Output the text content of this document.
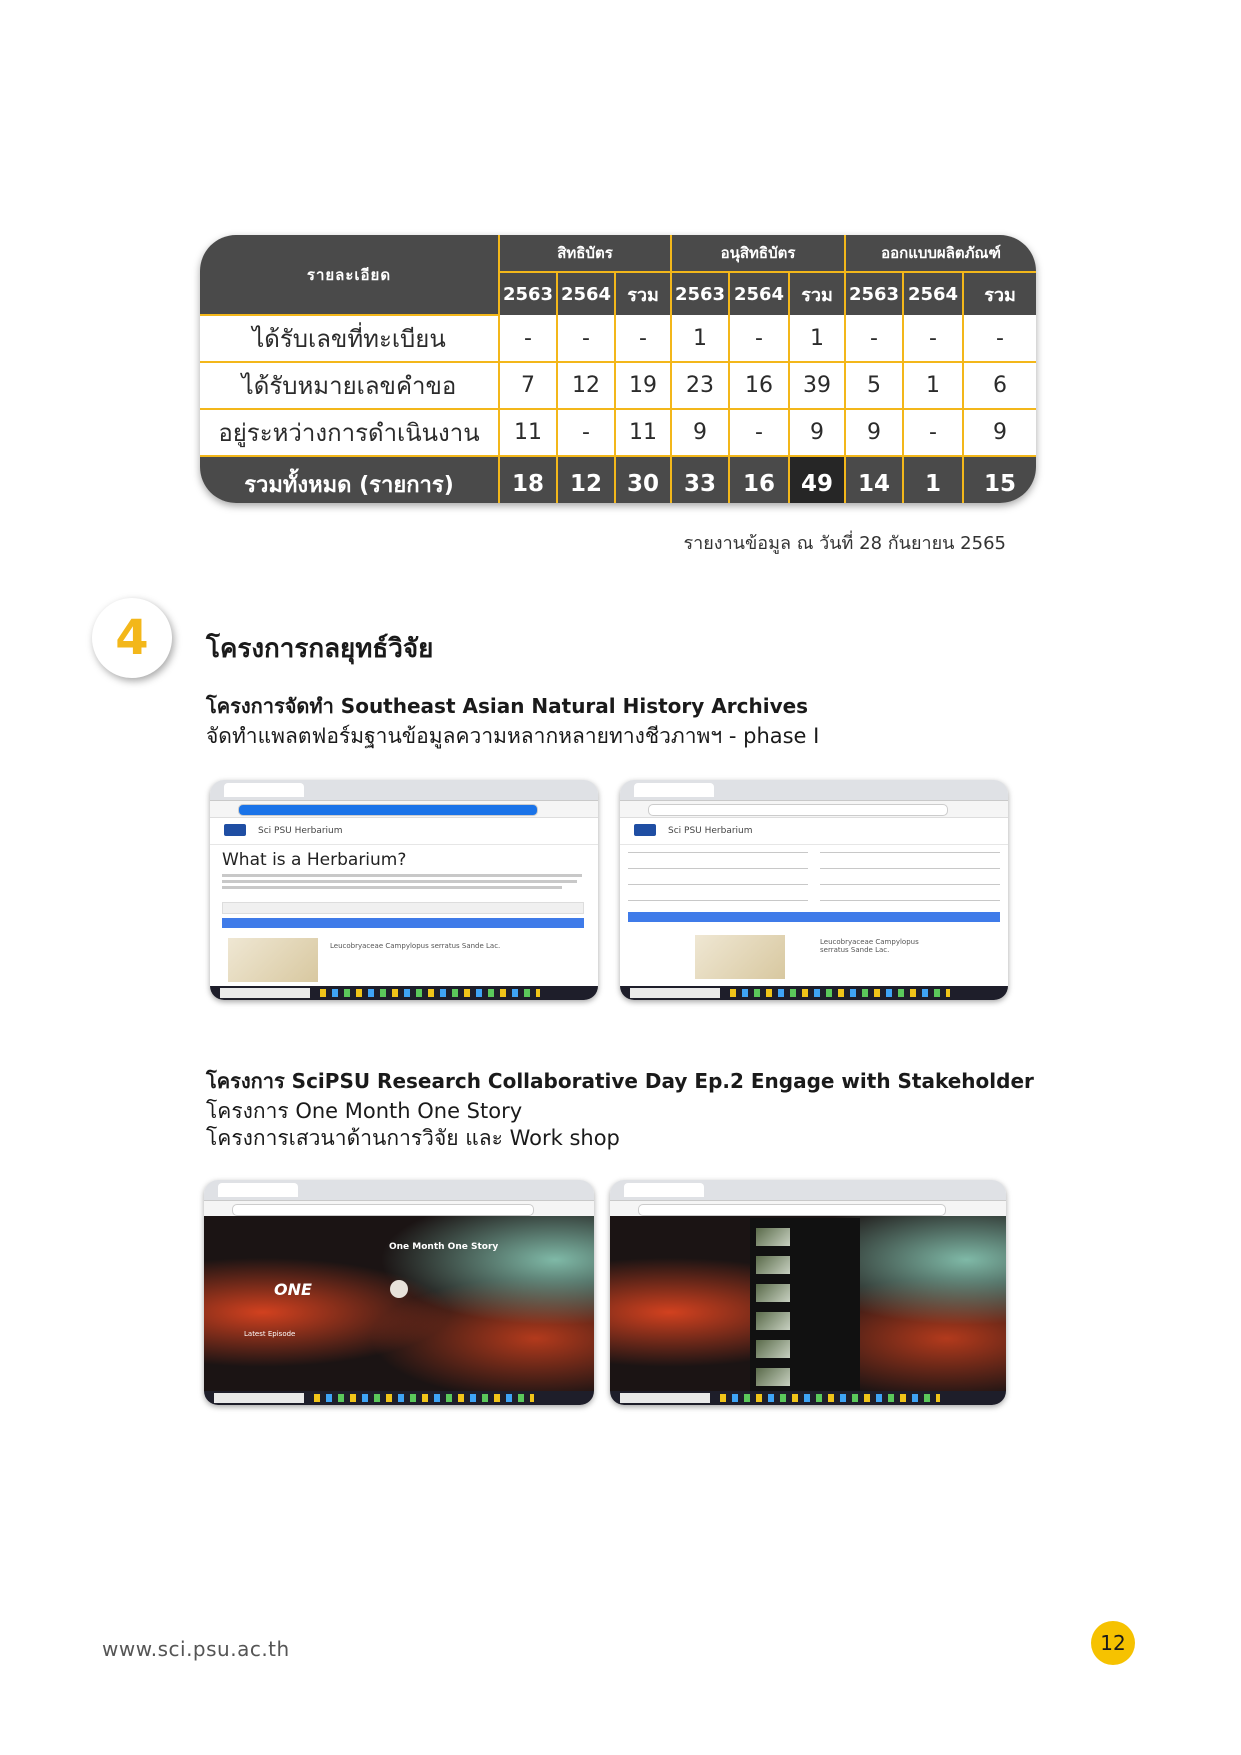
รายละเอียด	สิทธิบัตร			อนุสิทธิบัตร			ออกแบบผลิตภัณฑ์		
	2563	2564	รวม	2563	2564	รวม	2563	2564	รวม
ได้รับเลขที่ทะเบียน	-	-	-	1	-	1	-	-	-
ได้รับหมายเลขคำขอ	7	12	19	23	16	39	5	1	6
อยู่ระหว่างการดำเนินงาน	11	-	11	9	-	9	9	-	9
รวมทั้งหมด (รายการ)	18	12	30	33	16	49	14	1	15
รายงานข้อมูล ณ วันที่ 28 กันยายน 2565
4	โครงการกลยุทธ์วิจัย
โครงการจัดทำ Southeast Asian Natural History Archives
จัดทำแพลตฟอร์มฐานข้อมูลความหลากหลายทางชีวภาพฯ - phase I
Sci PSU Herbarium
What is a Herbarium?
Leucobryaceae Campylopus serratus Sande Lac.
Sci PSU Herbarium
Leucobryaceae Campylopus serratus Sande Lac.
โครงการ SciPSU Research Collaborative Day Ep.2 Engage with Stakeholder
โครงการ One Month One Story
โครงการเสวนาด้านการวิจัย และ Work shop
One Month One Story
ONE
Latest Episode
www.sci.psu.ac.th	12
